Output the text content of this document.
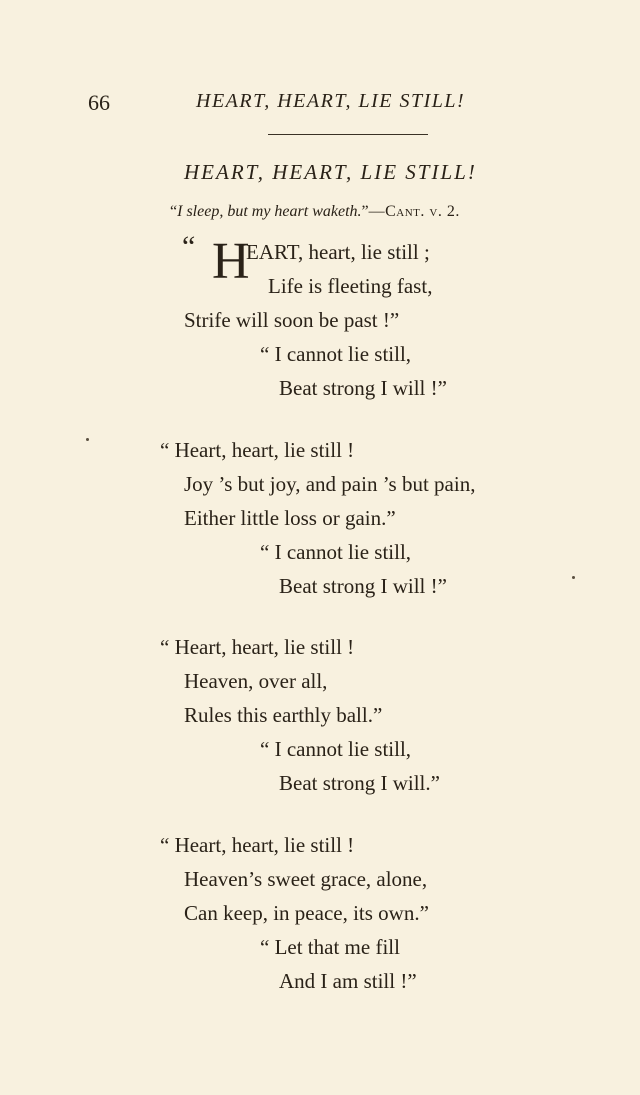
66	HEART, HEART, LIE STILL!
HEART, HEART, LIE STILL!
“I sleep, but my heart waketh.”—Cant. v. 2.
“ H
EART, heart, lie still ;
Life is fleeting fast,
Strife will soon be past !”
“ I cannot lie still,
Beat strong I will !”
“ Heart, heart, lie still !
Joy ’s but joy, and pain ’s but pain,
Either little loss or gain.”
“ I cannot lie still,
Beat strong I will !”
“ Heart, heart, lie still !
Heaven, over all,
Rules this earthly ball.”
“ I cannot lie still,
Beat strong I will.”
“ Heart, heart, lie still !
Heaven’s sweet grace, alone,
Can keep, in peace, its own.”
“ Let that me fill
And I am still !”
